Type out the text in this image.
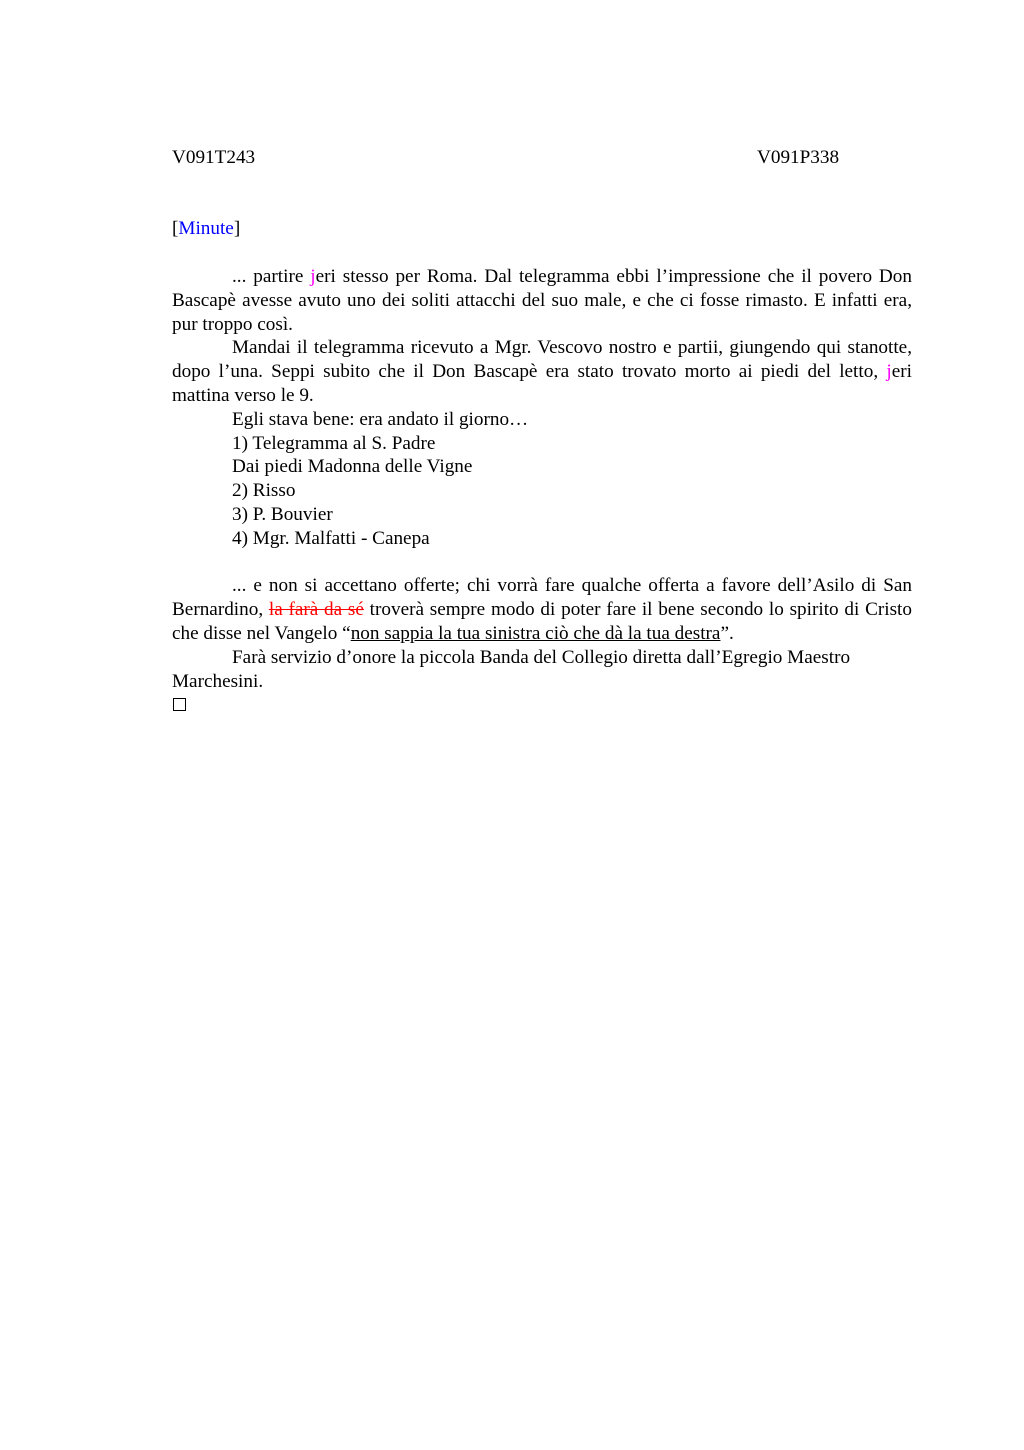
V091T243	V091P338
[Minute]

... partire jeri stesso per Roma. Dal telegramma ebbi l’impressione che il povero Don Bascapè avesse avuto uno dei soliti attacchi del suo male, e che ci fosse rimasto. E infatti era, pur troppo così.

Mandai il telegramma ricevuto a Mgr. Vescovo nostro e partii, giungendo qui stanotte, dopo l’una. Seppi subito che il Don Bascapè era stato trovato morto ai piedi del letto, jeri mattina verso le 9.

Egli stava bene: era andato il giorno…

1) Telegramma al S. Padre

Dai piedi Madonna delle Vigne

2) Risso

3) P. Bouvier

4) Mgr. Malfatti - Canepa

... e non si accettano offerte; chi vorrà fare qualche offerta a favore dell’Asilo di San Bernardino, la farà da sé troverà sempre modo di poter fare il bene secondo lo spirito di Cristo che disse nel Vangelo “non sappia la tua sinistra ciò che dà la tua destra”.

Farà servizio d’onore la piccola Banda del Collegio diretta dall’Egregio Maestro Marchesini.
